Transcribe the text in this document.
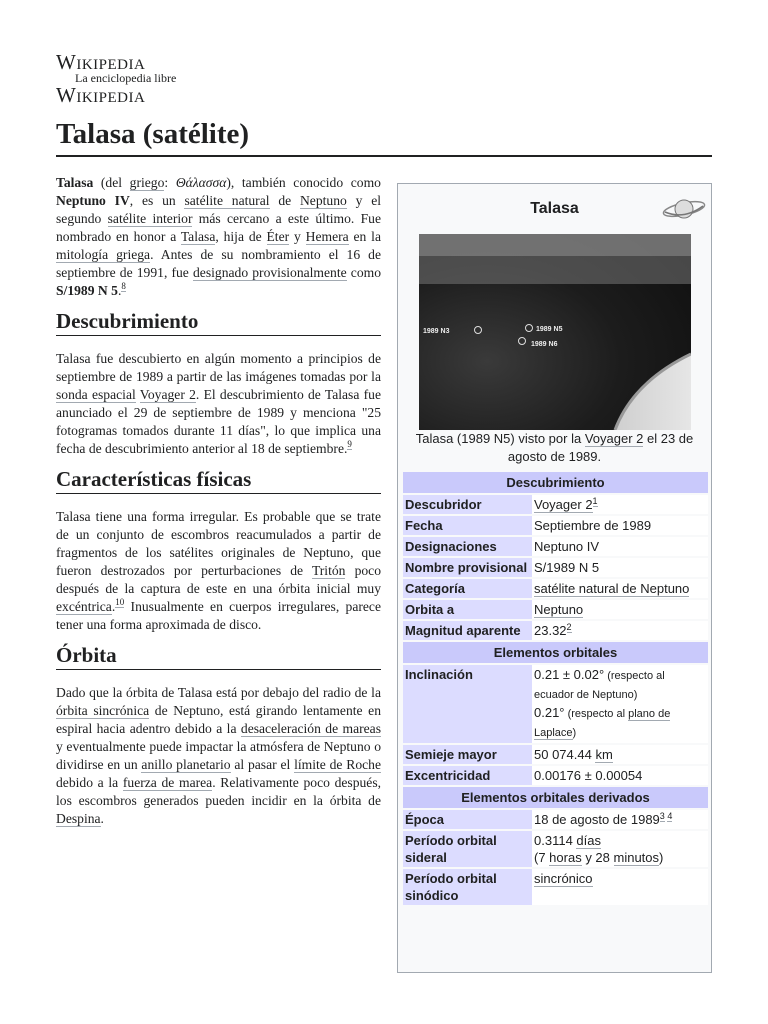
Wikipedia
La enciclopedia libre
Wikipedia
Talasa (satélite)

Talasa (del griego: Θάλασσα), también conocido como Neptuno IV, es un satélite natural de Neptuno y el segundo satélite interior más cercano a este último. Fue nombrado en honor a Talasa, hija de Éter y Hemera en la mitología griega. Antes de su nombramiento el 16 de septiembre de 1991, fue designado provisionalmente como S/1989 N 5.$^8$

Descubrimiento

Talasa fue descubierto en algún momento a principios de septiembre de 1989 a partir de las imágenes tomadas por la sonda espacial Voyager 2. El descubrimiento de Talasa fue anunciado el 29 de septiembre de 1989 y menciona "25 fotogramas tomados durante 11 días", lo que implica una fecha de descubrimiento anterior al 18 de septiembre.$^9$

Características físicas

Talasa tiene una forma irregular. Es probable que se trate de un conjunto de escombros reacumulados a partir de fragmentos de los satélites originales de Neptuno, que fueron destrozados por perturbaciones de Tritón poco después de la captura de este en una órbita inicial muy excéntrica.$^{10}$ Inusualmente en cuerpos irregulares, parece tener una forma aproximada de disco.

Órbita

Dado que la órbita de Talasa está por debajo del radio de la órbita sincrónica de Neptuno, está girando lentamente en espiral hacia adentro debido a la desaceleración de mareas y eventualmente puede impactar la atmósfera de Neptuno o dividirse en un anillo planetario al pasar el límite de Roche debido a la fuerza de marea. Relativamente poco después, los escombros generados pueden incidir en la órbita de Despina.

Talasa
1989 N3	1989 N5
1989 N6
Talasa (1989 N5) visto por la Voyager 2 el 23 de agosto de 1989.
Descubrimiento	
Descubridor	Voyager $2^1$
Fecha	Septiembre de 1989
Designaciones	Neptuno IV
Nombre provisional	S/1989 N 5
Categoría	satélite natural de Neptuno
Orbita a	Neptuno
Magnitud aparente	23.32$^2$
Elementos orbitales	
Inclinación	0.21 ± 0.02° (respecto al ecuador de Neptuno)
0.21° (respecto al plano de Laplace)
Semieje mayor	50 074.44 km
Excentricidad	0.00176 ± 0.00054
Elementos orbitales derivados	
Época	18 de agosto de $1989^{3 4}$
Período orbital sideral	0.3114 días
(7 horas y 28 minutos)
Período orbital sinódico	sincrónico
